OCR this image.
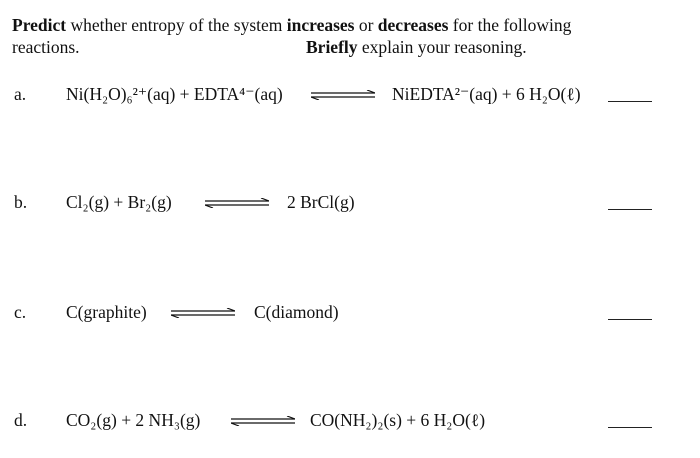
Predict whether entropy of the system increases or decreases for the following
reactions.	Briefly explain your reasoning.
a. Ni(H₂O)₆²⁺(aq) + EDTA⁴⁻(aq) ⇌ NiEDTA²⁻(aq) + 6 H₂O(ℓ)
b. Cl₂(g) + Br₂(g) ⇌ 2 BrCl(g)
c. C(graphite) ⇌ C(diamond)
d. CO₂(g) + 2 NH₃(g) ⇌ CO(NH₂)₂(s) + 6 H₂O(ℓ)
